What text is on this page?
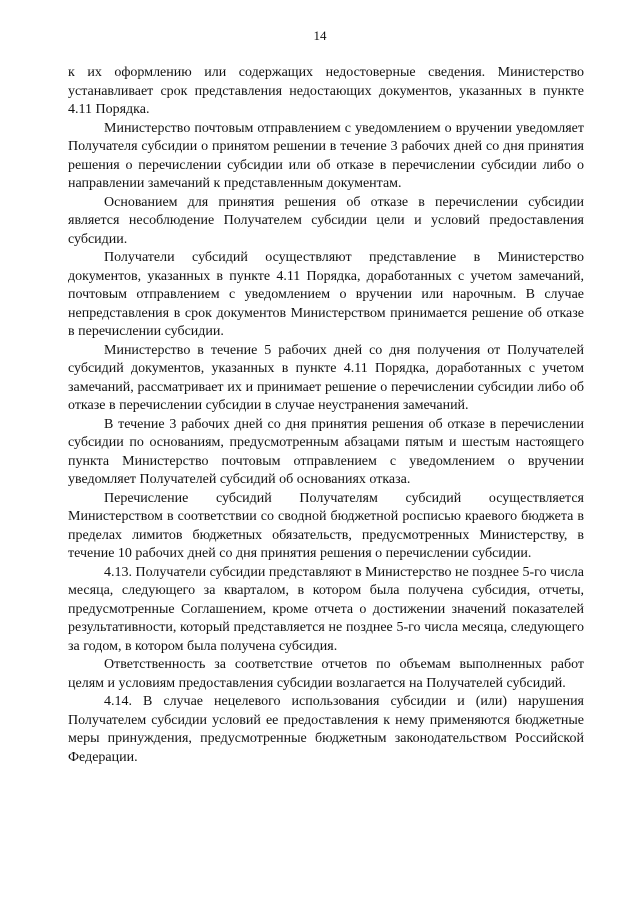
14

к их оформлению или содержащих недостоверные сведения. Министерство устанавливает срок представления недостающих документов, указанных в пункте 4.11 Порядка.

Министерство почтовым отправлением с уведомлением о вручении уведомляет Получателя субсидии о принятом решении в течение 3 рабочих дней со дня принятия решения о перечислении субсидии или об отказе в перечислении субсидии либо о направлении замечаний к представленным документам.

Основанием для принятия решения об отказе в перечислении субсидии является несоблюдение Получателем субсидии цели и условий предоставления субсидии.

Получатели субсидий осуществляют представление в Министерство документов, указанных в пункте 4.11 Порядка, доработанных с учетом замечаний, почтовым отправлением с уведомлением о вручении или нарочным. В случае непредставления в срок документов Министерством принимается решение об отказе в перечислении субсидии.

Министерство в течение 5 рабочих дней со дня получения от Получателей субсидий документов, указанных в пункте 4.11 Порядка, доработанных с учетом замечаний, рассматривает их и принимает решение о перечислении субсидии либо об отказе в перечислении субсидии в случае неустранения замечаний.

В течение 3 рабочих дней со дня принятия решения об отказе в перечислении субсидии по основаниям, предусмотренным абзацами пятым и шестым настоящего пункта Министерство почтовым отправлением с уведомлением о вручении уведомляет Получателей субсидий об основаниях отказа.

Перечисление субсидий Получателям субсидий осуществляется Министерством в соответствии со сводной бюджетной росписью краевого бюджета в пределах лимитов бюджетных обязательств, предусмотренных Министерству, в течение 10 рабочих дней со дня принятия решения о перечислении субсидии.

4.13. Получатели субсидии представляют в Министерство не позднее 5-го числа месяца, следующего за кварталом, в котором была получена субсидия, отчеты, предусмотренные Соглашением, кроме отчета о достижении значений показателей результативности, который представляется не позднее 5-го числа месяца, следующего за годом, в котором была получена субсидия.

Ответственность за соответствие отчетов по объемам выполненных работ целям и условиям предоставления субсидии возлагается на Получателей субсидий.

4.14. В случае нецелевого использования субсидии и (или) нарушения Получателем субсидии условий ее предоставления к нему применяются бюджетные меры принуждения, предусмотренные бюджетным законодательством Российской Федерации.
